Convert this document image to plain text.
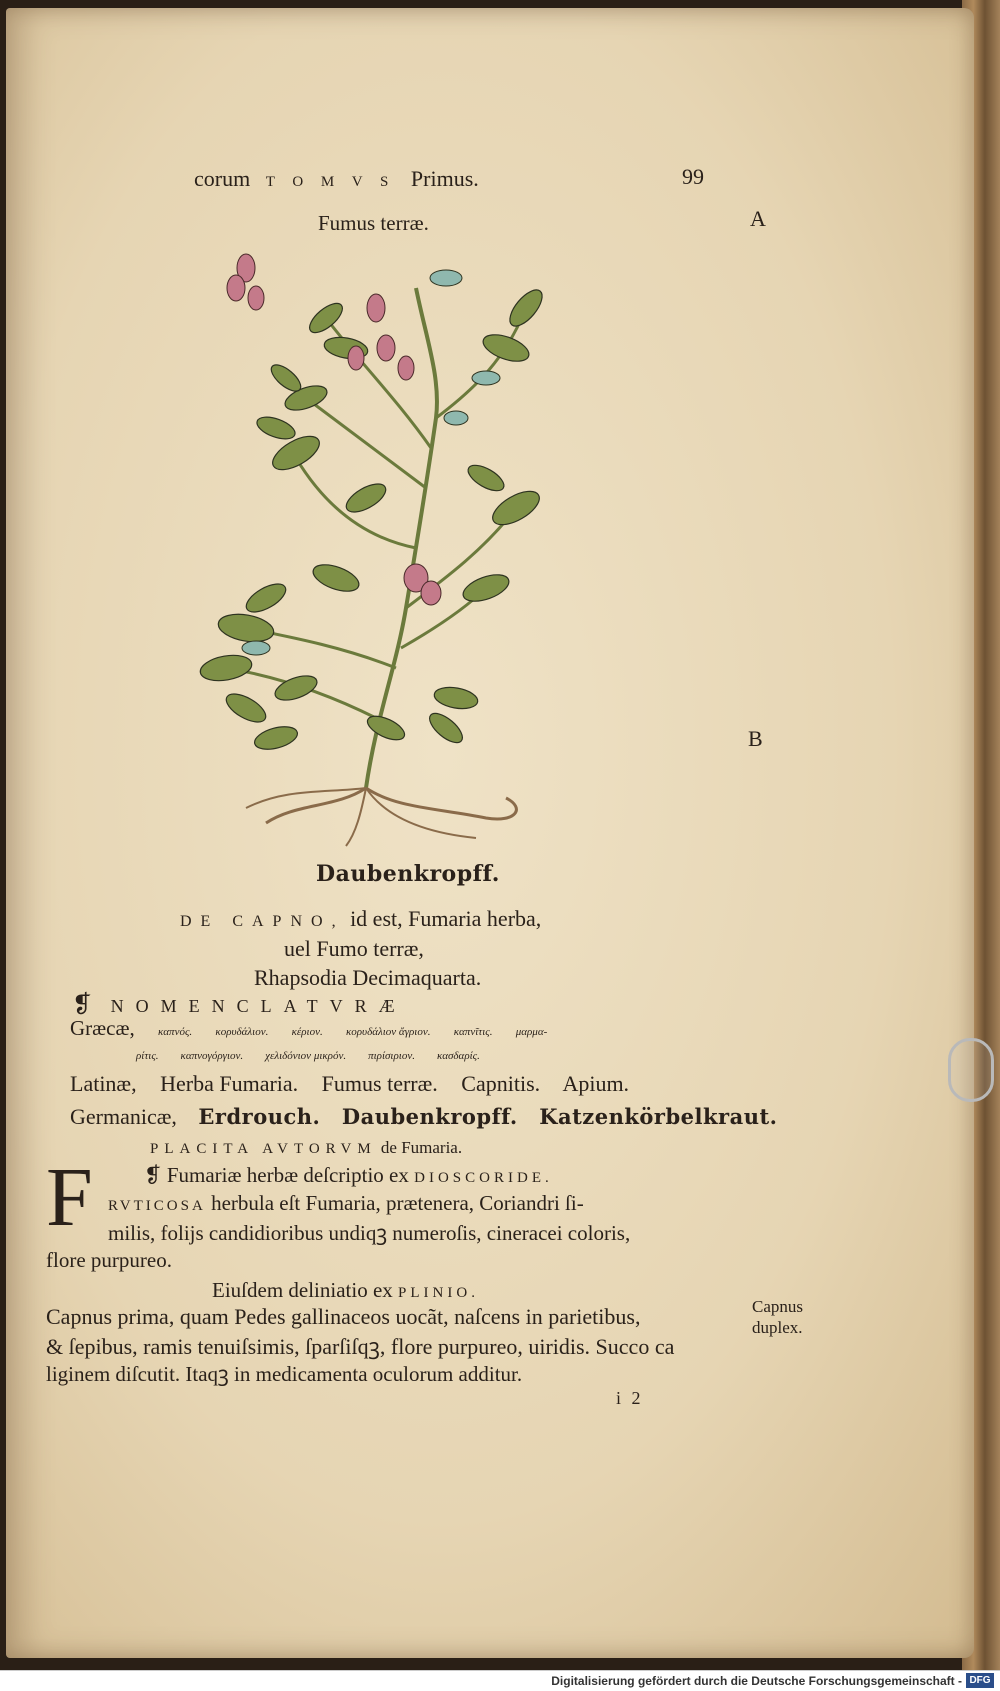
corum T O M V S Primus.	99
Fumus terræ.	A
B
Daubenkropff.
DE CAPNO, id est, Fumaria herba,
uel Fumo terræ,
Rhapsodia Decimaquarta.
❡ NOMENCLATVRÆ
Græcæ, καπνός. κορυδάλιον. κέριον. κορυδάλιον ἄγριον. καπνῖτις. μαρμα-
ρίτις. καπνογόργιον. χελιδόνιον μικρόν. πιρίσιριον. κασδαρίς.
Latinæ, Herba Fumaria. Fumus terræ. Capnitis. Apium.
Germanicæ, Erdrouch. Daubenkropff. Katzenkörbelkraut.
PLACITA AVTORVM de Fumaria.
F ❡ Fumariæ herbæ deſcriptio ex DIOSCORIDE.
RVTICOSA herbula eſt Fumaria, prætenera, Coriandri ſi-
milis, folijs candidioribus undiqꝫ numeroſis, cineracei coloris,
flore purpureo.
Eiuſdem deliniatio ex PLINIO.
Capnus prima, quam Pedes gallinaceos uocãt, naſcens in parietibus,
& ſepibus, ramis tenuiſsimis, ſparſiſqꝫ, flore purpureo, uiridis. Succo ca
liginem diſcutit. Itaqꝫ in medicamenta oculorum additur.
Capnus duplex.
i 2
Digitalisierung gefördert durch die Deutsche Forschungsgemeinschaft - DFG
